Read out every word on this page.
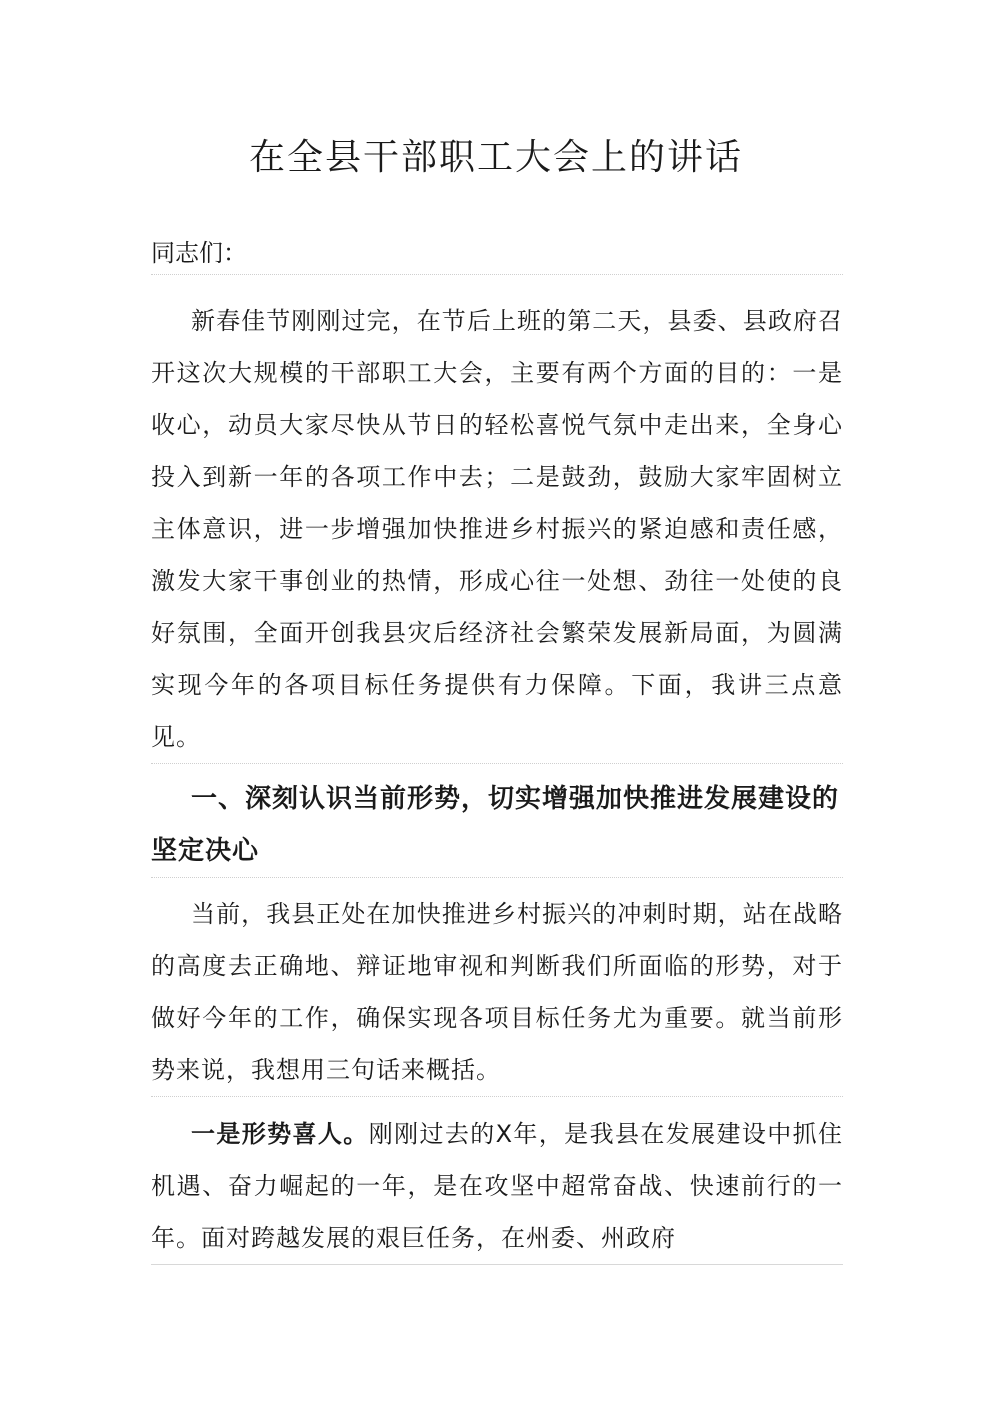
在全县干部职工大会上的讲话

同志们：

新春佳节刚刚过完，在节后上班的第二天，县委、县政府召开这次大规模的干部职工大会，主要有两个方面的目的：一是收心，动员大家尽快从节日的轻松喜悦气氛中走出来，全身心投入到新一年的各项工作中去；二是鼓劲，鼓励大家牢固树立主体意识，进一步增强加快推进乡村振兴的紧迫感和责任感，激发大家干事创业的热情，形成心往一处想、劲往一处使的良好氛围，全面开创我县灾后经济社会繁荣发展新局面，为圆满实现今年的各项目标任务提供有力保障。下面，我讲三点意见。

一、深刻认识当前形势，切实增强加快推进发展建设的坚定决心

当前，我县正处在加快推进乡村振兴的冲刺时期，站在战略的高度去正确地、辩证地审视和判断我们所面临的形势，对于做好今年的工作，确保实现各项目标任务尤为重要。就当前形势来说，我想用三句话来概括。

一是形势喜人。刚刚过去的X年，是我县在发展建设中抓住机遇、奋力崛起的一年，是在攻坚中超常奋战、快速前行的一年。面对跨越发展的艰巨任务，在州委、州政府
